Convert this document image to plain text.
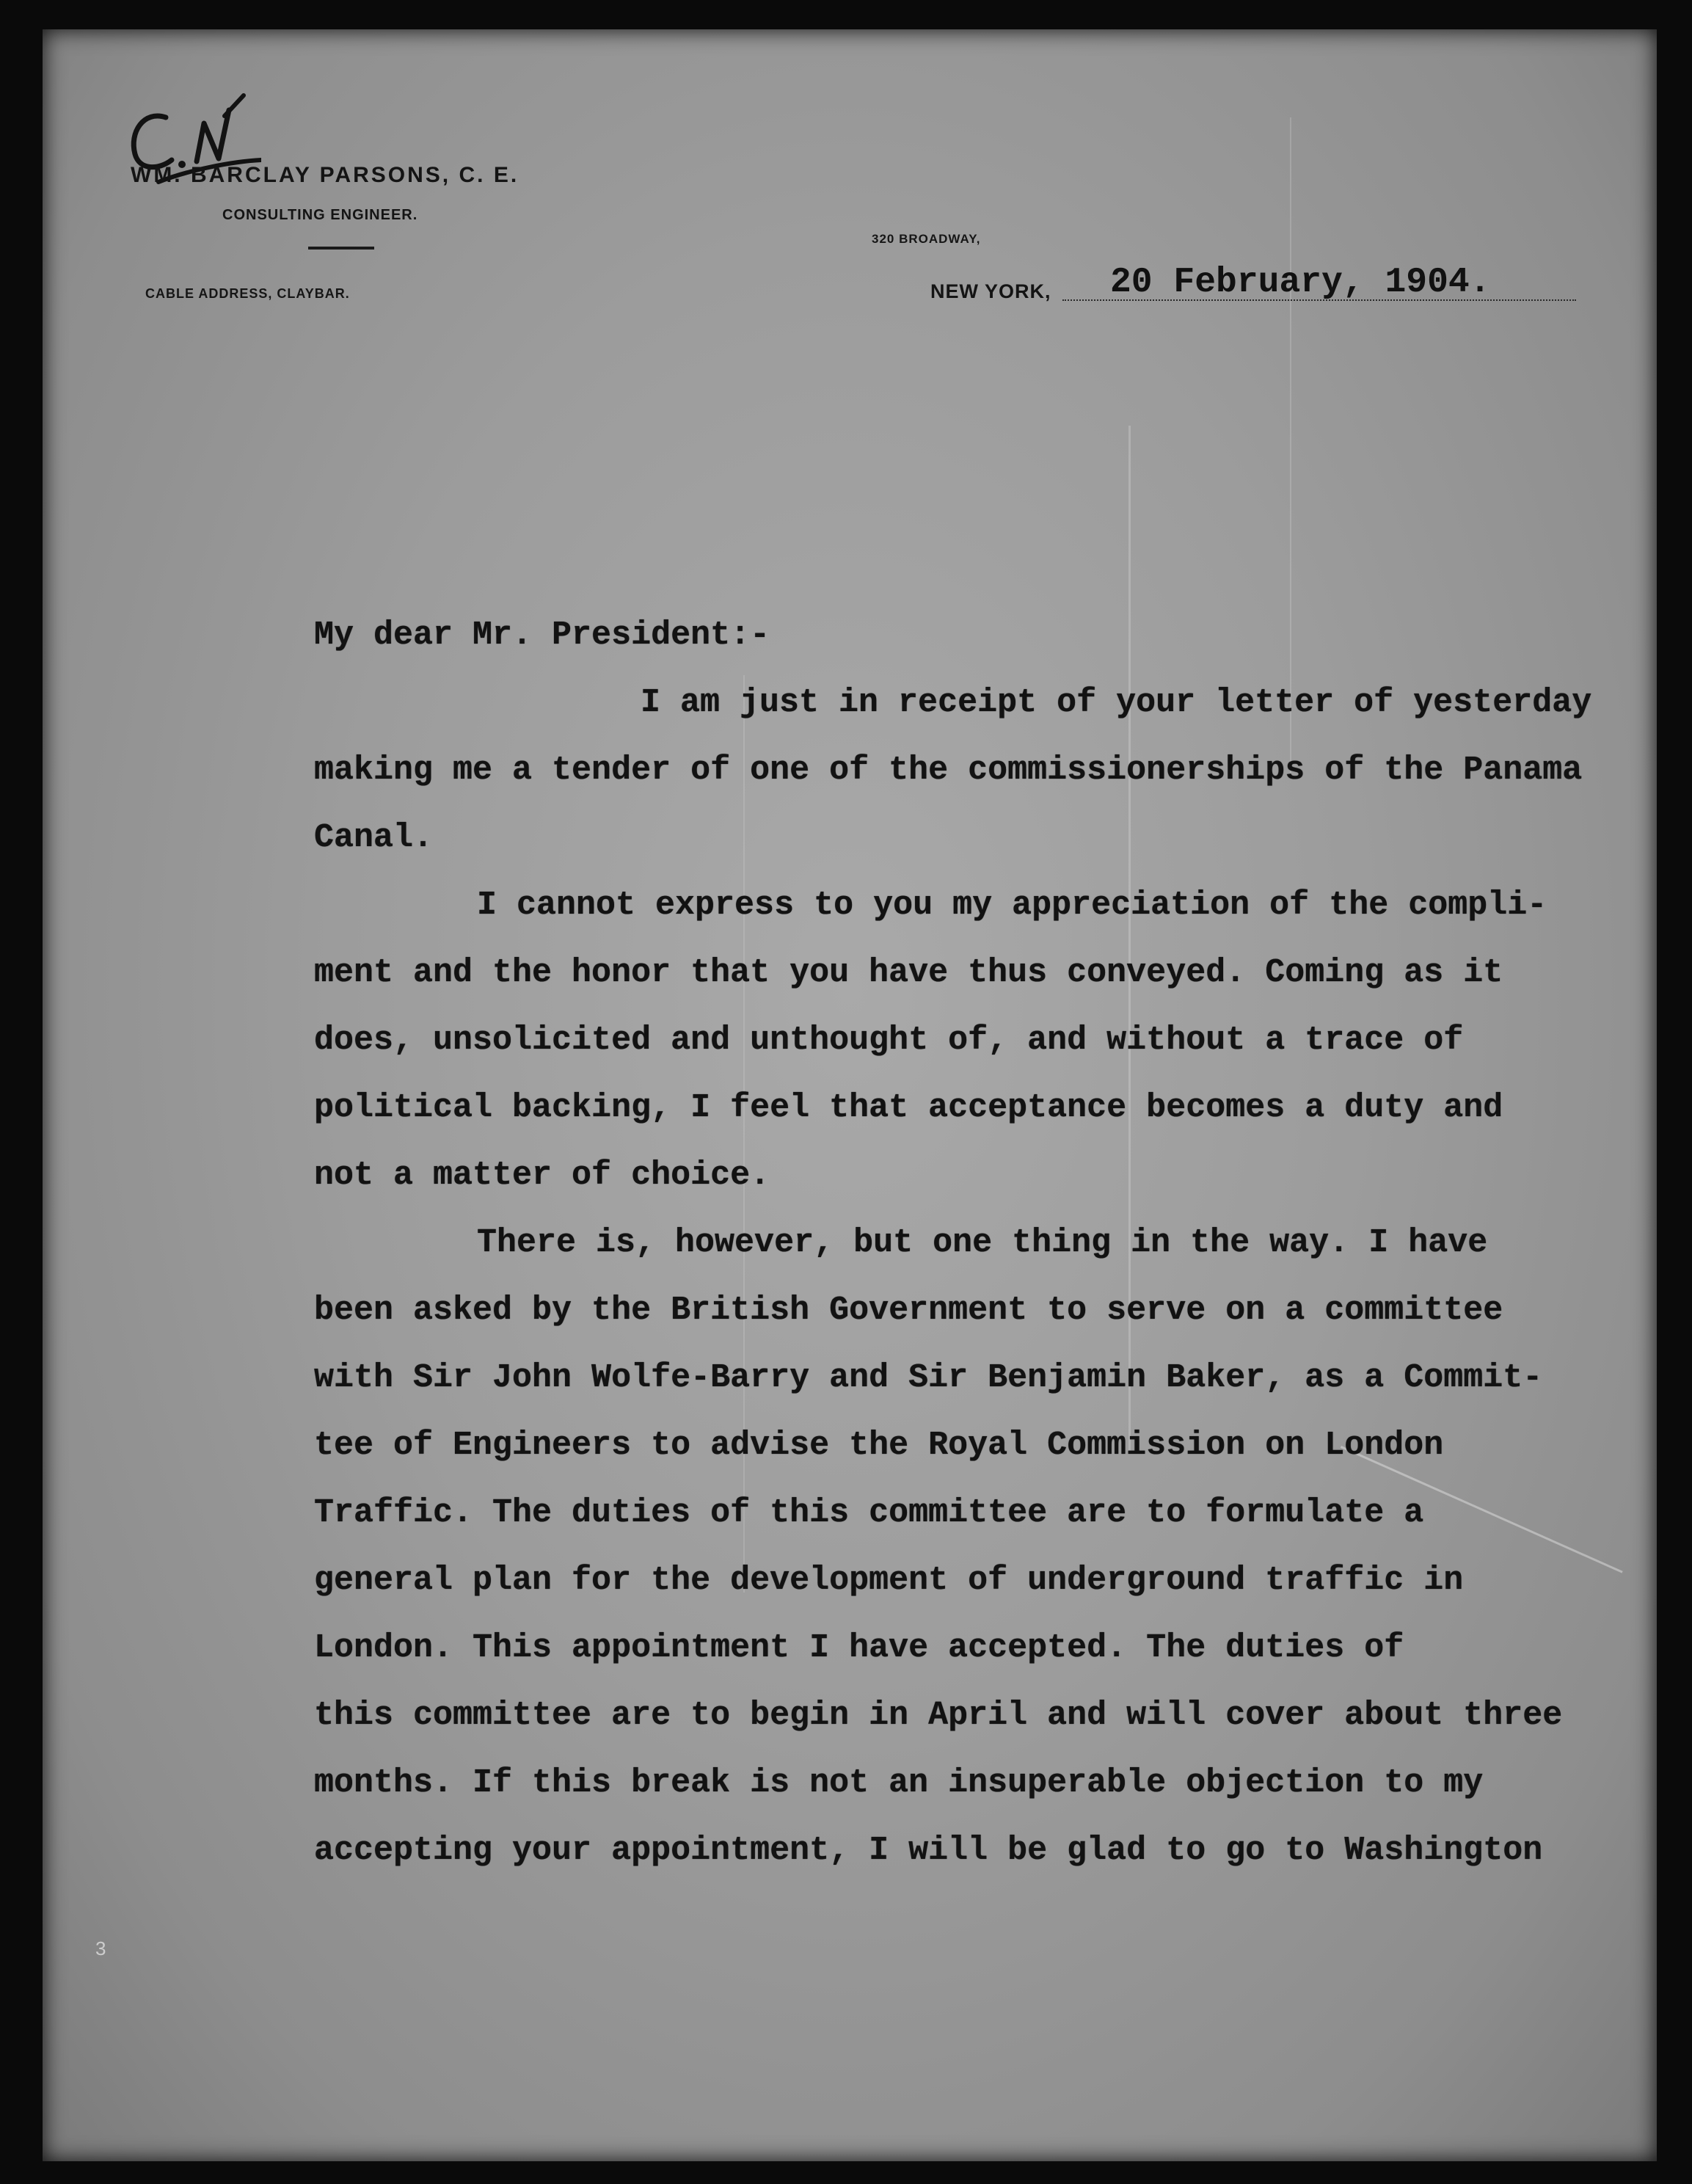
WM. BARCLAY PARSONS, C. E.
CONSULTING ENGINEER.
CABLE ADDRESS, CLAYBAR.
320 BROADWAY,
NEW YORK, 20 February, 1904.
My dear Mr. President:-
I am just in receipt of your letter of yesterday
making me a tender of one of the commissionerships of the Panama
Canal.
I cannot express to you my appreciation of the compli-
ment and the honor that you have thus conveyed. Coming as it
does, unsolicited and unthought of, and without a trace of
political backing, I feel that acceptance becomes a duty and
not a matter of choice.
There is, however, but one thing in the way. I have
been asked by the British Government to serve on a committee
with Sir John Wolfe-Barry and Sir Benjamin Baker, as a Commit-
tee of Engineers to advise the Royal Commission on London
Traffic. The duties of this committee are to formulate a
general plan for the development of underground traffic in
London. This appointment I have accepted. The duties of
this committee are to begin in April and will cover about three
months. If this break is not an insuperable objection to my
accepting your appointment, I will be glad to go to Washington
3
